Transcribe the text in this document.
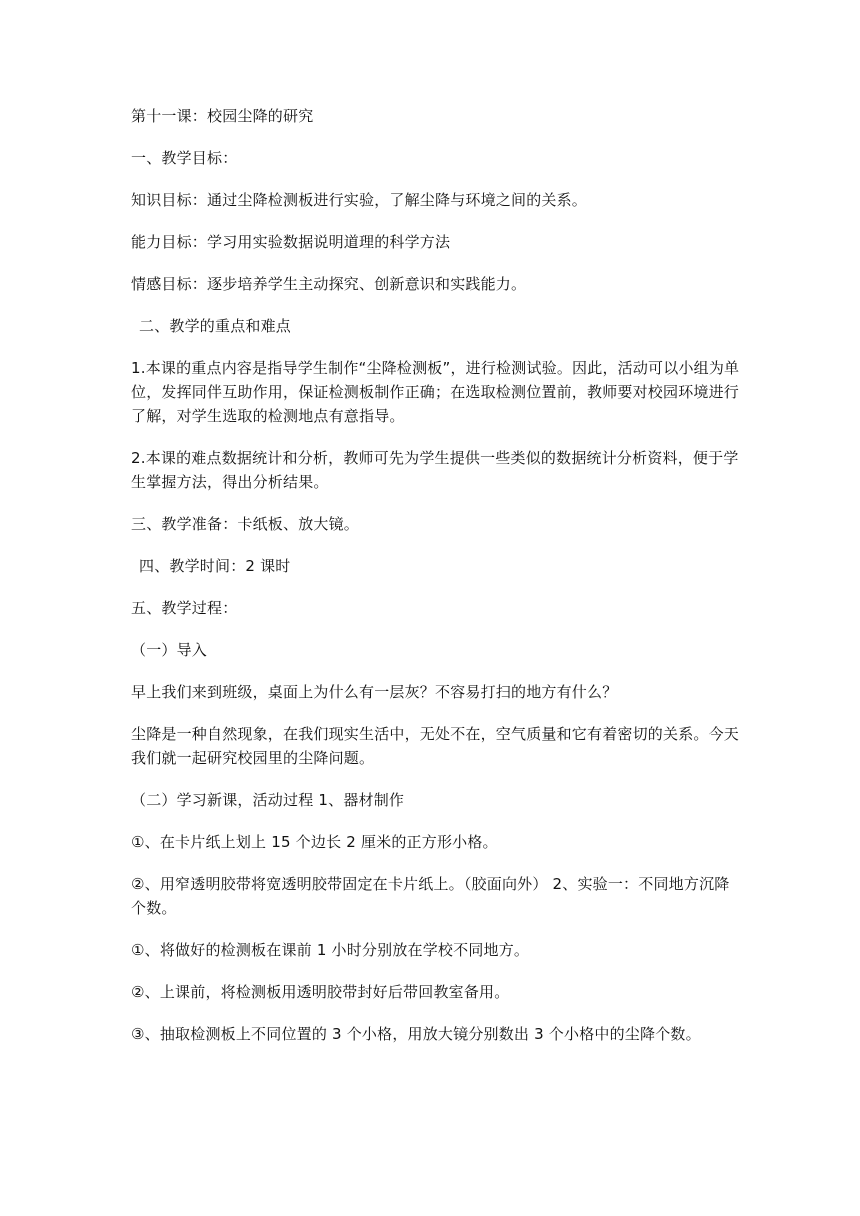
第十一课：校园尘降的研究

一、教学目标：

知识目标：通过尘降检测板进行实验，了解尘降与环境之间的关系。

能力目标：学习用实验数据说明道理的科学方法

情感目标：逐步培养学生主动探究、创新意识和实践能力。

二、教学的重点和难点

1.本课的重点内容是指导学生制作“尘降检测板”，进行检测试验。因此，活动可以小组为单位，发挥同伴互助作用，保证检测板制作正确；在选取检测位置前，教师要对校园环境进行了解，对学生选取的检测地点有意指导。

2.本课的难点数据统计和分析，教师可先为学生提供一些类似的数据统计分析资料，便于学生掌握方法，得出分析结果。

三、教学准备：卡纸板、放大镜。

四、教学时间：2 课时

五、教学过程：

（一）导入

早上我们来到班级，桌面上为什么有一层灰？不容易打扫的地方有什么？

尘降是一种自然现象，在我们现实生活中，无处不在，空气质量和它有着密切的关系。今天我们就一起研究校园里的尘降问题。

（二）学习新课，活动过程 1、器材制作

①、在卡片纸上划上 15 个边长 2 厘米的正方形小格。

②、用窄透明胶带将宽透明胶带固定在卡片纸上。（胶面向外） 2、实验一：不同地方沉降个数。

①、将做好的检测板在课前 1 小时分别放在学校不同地方。

②、上课前，将检测板用透明胶带封好后带回教室备用。

③、抽取检测板上不同位置的 3 个小格，用放大镜分别数出 3 个小格中的尘降个数。
